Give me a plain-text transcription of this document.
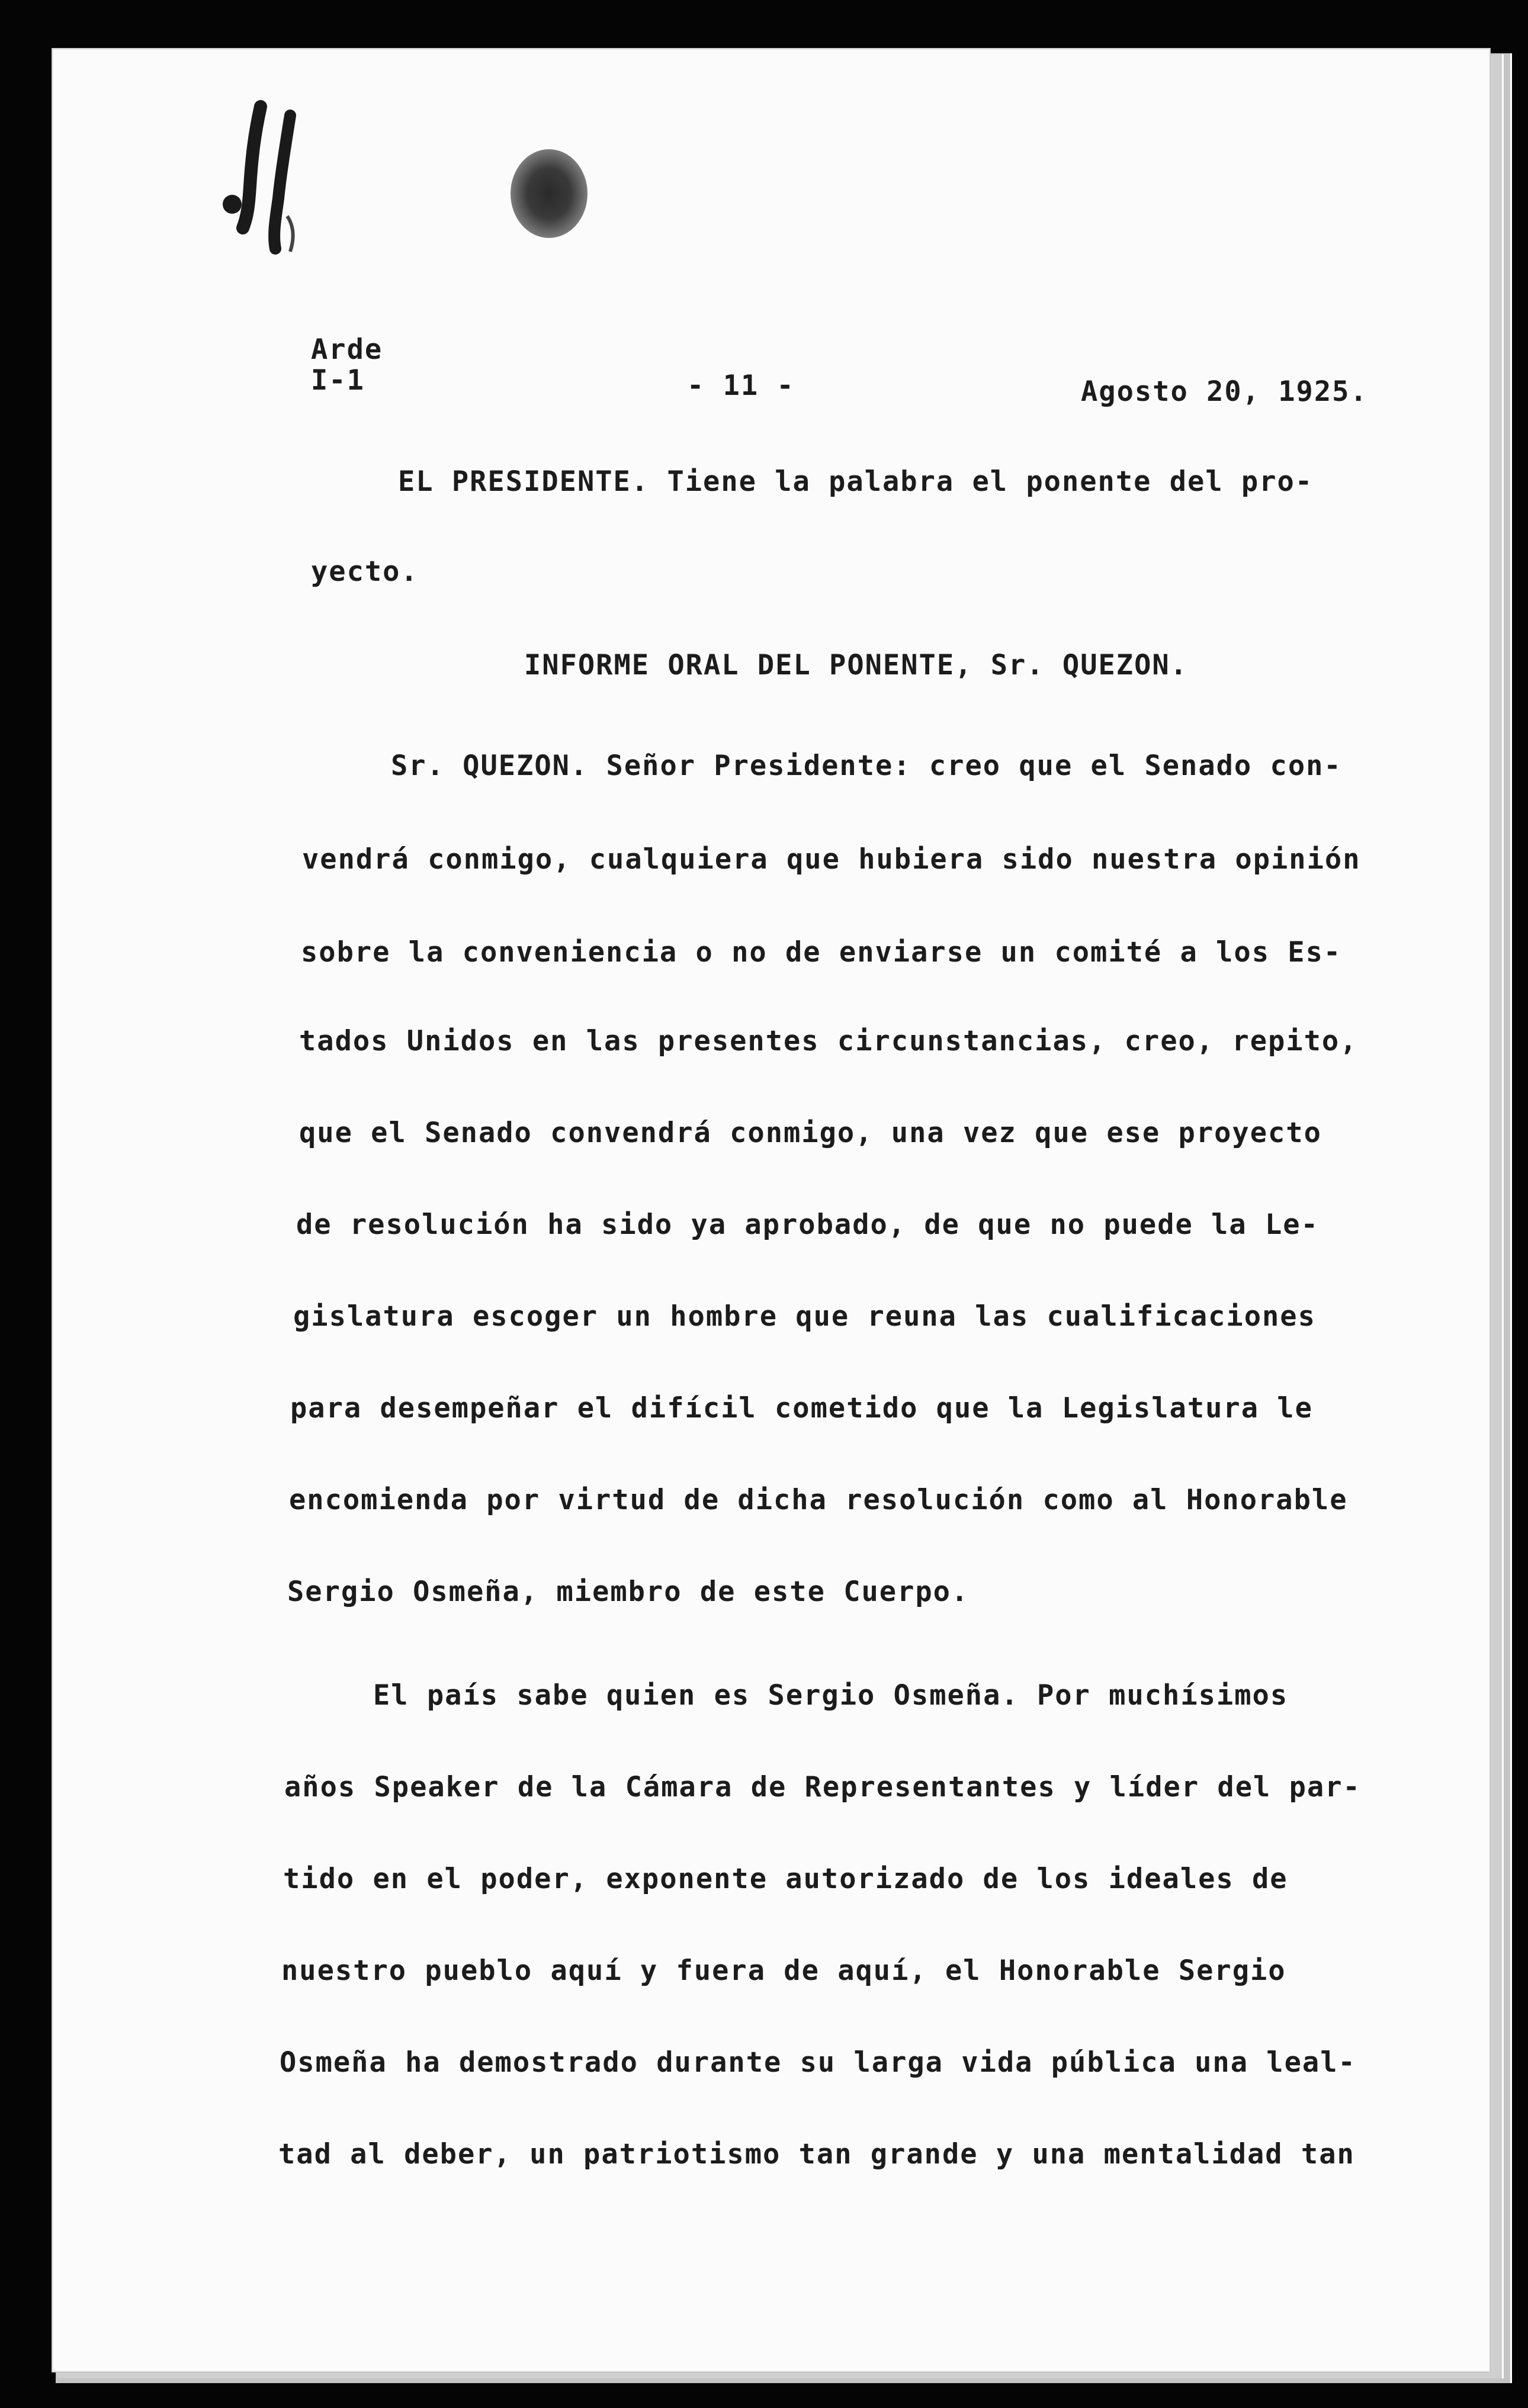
Arde
I-1	- 11 -	Agosto 20, 1925.
EL PRESIDENTE. Tiene la palabra el ponente del pro-
yecto.
INFORME ORAL DEL PONENTE, Sr. QUEZON.
Sr. QUEZON. Señor Presidente: creo que el Senado con-
vendrá conmigo, cualquiera que hubiera sido nuestra opinión
sobre la conveniencia o no de enviarse un comité a los Es-
tados Unidos en las presentes circunstancias, creo, repito,
que el Senado convendrá conmigo, una vez que ese proyecto
de resolución ha sido ya aprobado, de que no puede la Le-
gislatura escoger un hombre que reuna las cualificaciones
para desempeñar el difícil cometido que la Legislatura le
encomienda por virtud de dicha resolución como al Honorable
Sergio Osmeña, miembro de este Cuerpo.
El país sabe quien es Sergio Osmeña. Por muchísimos
años Speaker de la Cámara de Representantes y líder del par-
tido en el poder, exponente autorizado de los ideales de
nuestro pueblo aquí y fuera de aquí, el Honorable Sergio
Osmeña ha demostrado durante su larga vida pública una leal-
tad al deber, un patriotismo tan grande y una mentalidad tan
